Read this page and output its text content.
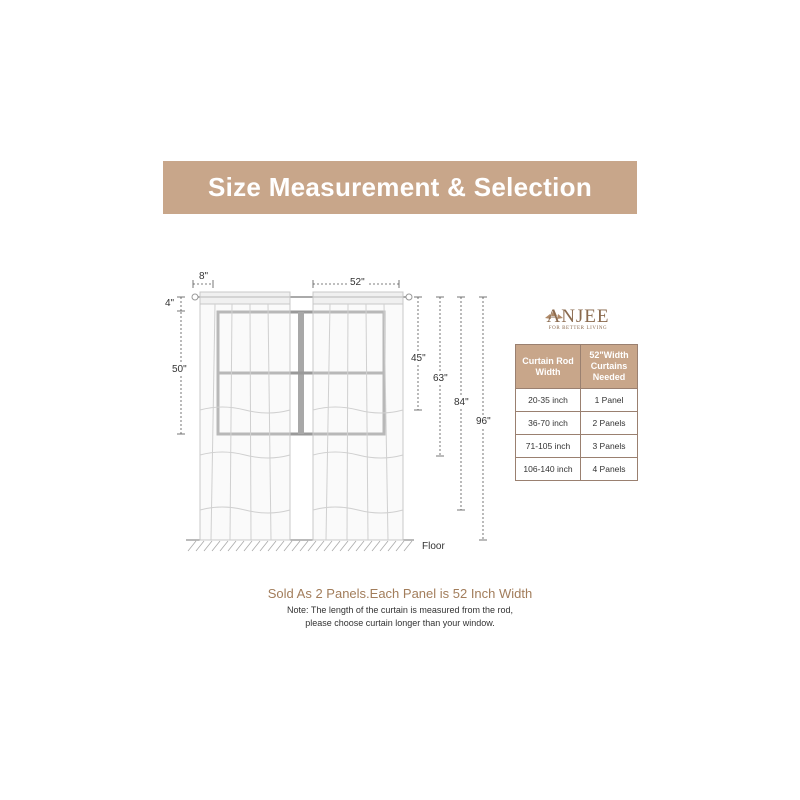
Size Measurement & Selection
8"
52"
4"
50"
45"
63"
84"
96"
Floor
ANJEE
FOR BETTER LIVING
Curtain Rod Width	52"Width Curtains Needed
20-35 inch	1 Panel
36-70 inch	2 Panels
71-105 inch	3 Panels
106-140 inch	4 Panels
Sold As 2 Panels.Each Panel is 52 Inch Width
Note: The length of the curtain is measured from the rod,
please choose curtain longer than your window.
